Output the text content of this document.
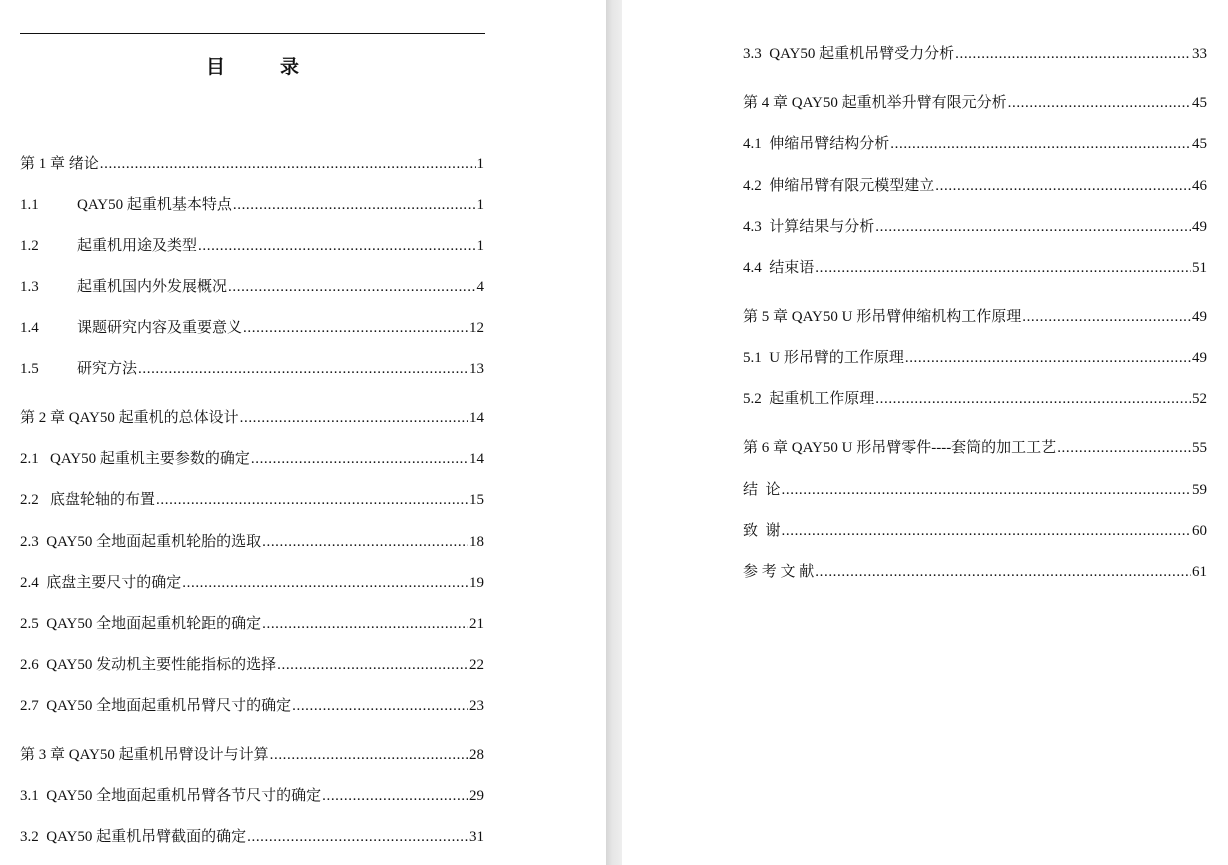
目　录
第 1 章 绪论 .....	1
1.1	QAY50 起重机基本特点 .....	1
1.2	起重机用途及类型 .....	1
1.3	起重机国内外发展概况 .....	4
1.4	课题研究内容及重要意义 .....	12
1.5	研究方法 .....	13
第 2 章 QAY50 起重机的总体设计 .....	14
2.1   QAY50 起重机主要参数的确定 .....	14
2.2   底盘轮轴的布置 .....	15
2.3  QAY50 全地面起重机轮胎的选取 .....	18
2.4  底盘主要尺寸的确定 .....	19
2.5  QAY50 全地面起重机轮距的确定 .....	21
2.6  QAY50 发动机主要性能指标的选择 .....	22
2.7  QAY50 全地面起重机吊臂尺寸的确定 .....	23
第 3 章 QAY50 起重机吊臂设计与计算 .....	28
3.1  QAY50 全地面起重机吊臂各节尺寸的确定 .....	29
3.2  QAY50 起重机吊臂截面的确定 .....	31
3.3  QAY50 起重机吊臂受力分析 .....	33
第 4 章 QAY50 起重机举升臂有限元分析 .....	45
4.1  伸缩吊臂结构分析 .....	45
4.2  伸缩吊臂有限元模型建立 .....	46
4.3  计算结果与分析 .....	49
4.4  结束语 .....	51
第 5 章 QAY50 U 形吊臂伸缩机构工作原理 .....	49
5.1  U 形吊臂的工作原理 .....	49
5.2  起重机工作原理 .....	52
第 6 章 QAY50 U 形吊臂零件----套筒的加工工艺 .....	55
结  论 .....	59
致  谢 .....	60
参 考 文 献 .....	61
